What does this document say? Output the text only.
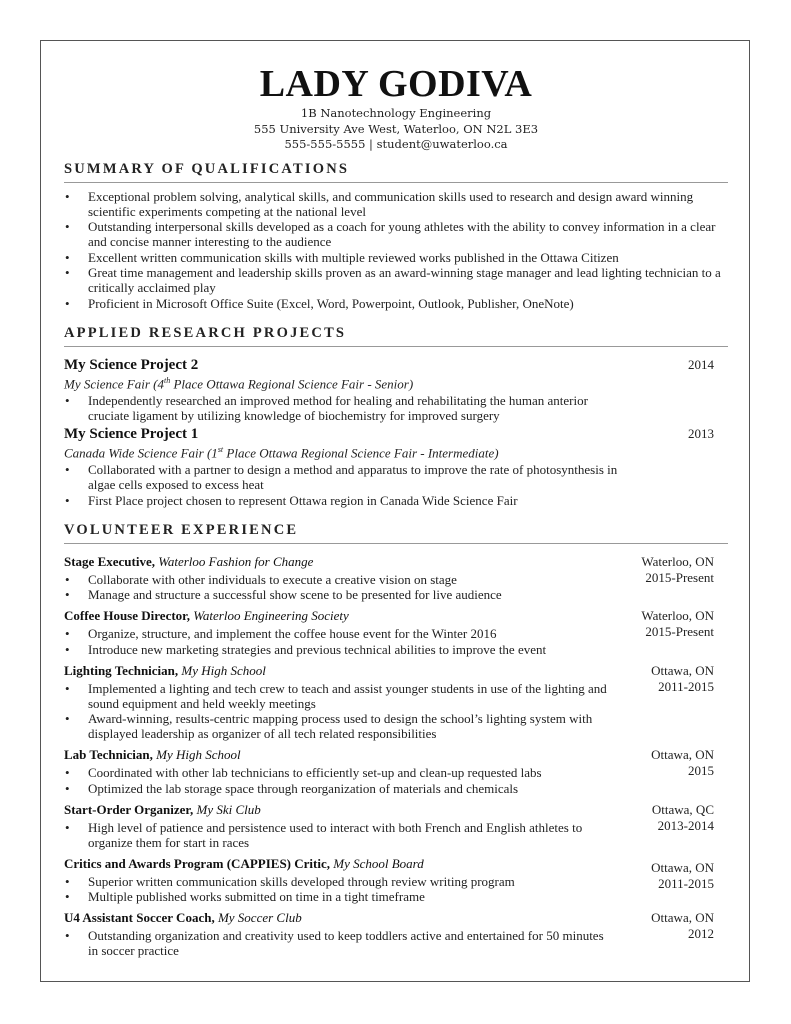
LADY GODIVA
1B Nanotechnology Engineering
555 University Ave West, Waterloo, ON N2L 3E3
555-555-5555 | student@uwaterloo.ca
SUMMARY OF QUALIFICATIONS
• Exceptional problem solving, analytical skills, and communication skills used to research and design award winning scientific experiments competing at the national level
• Outstanding interpersonal skills developed as a coach for young athletes with the ability to convey information in a clear and concise manner interesting to the audience
• Excellent written communication skills with multiple reviewed works published in the Ottawa Citizen
• Great time management and leadership skills proven as an award-winning stage manager and lead lighting technician to a critically acclaimed play
• Proficient in Microsoft Office Suite (Excel, Word, Powerpoint, Outlook, Publisher, OneNote)
APPLIED RESEARCH PROJECTS
My Science Project 2	2014
My Science Fair (4th Place Ottawa Regional Science Fair - Senior)
• Independently researched an improved method for healing and rehabilitating the human anterior cruciate ligament by utilizing knowledge of biochemistry for improved surgery
My Science Project 1	2013
Canada Wide Science Fair (1st Place Ottawa Regional Science Fair - Intermediate)
• Collaborated with a partner to design a method and apparatus to improve the rate of photosynthesis in algae cells exposed to excess heat
• First Place project chosen to represent Ottawa region in Canada Wide Science Fair
VOLUNTEER EXPERIENCE
Stage Executive, Waterloo Fashion for Change	Waterloo, ON
2015-Present
• Collaborate with other individuals to execute a creative vision on stage
• Manage and structure a successful show scene to be presented for live audience
Coffee House Director, Waterloo Engineering Society	Waterloo, ON
2015-Present
• Organize, structure, and implement the coffee house event for the Winter 2016
• Introduce new marketing strategies and previous technical abilities to improve the event
Lighting Technician, My High School	Ottawa, ON
2011-2015
• Implemented a lighting and tech crew to teach and assist younger students in use of the lighting and sound equipment and held weekly meetings
• Award-winning, results-centric mapping process used to design the school’s lighting system with displayed leadership as organizer of all tech related responsibilities
Lab Technician, My High School	Ottawa, ON
2015
• Coordinated with other lab technicians to efficiently set-up and clean-up requested labs
• Optimized the lab storage space through reorganization of materials and chemicals
Start-Order Organizer, My Ski Club	Ottawa, QC
2013-2014
• High level of patience and persistence used to interact with both French and English athletes to organize them for start in races
Critics and Awards Program (CAPPIES) Critic, My School Board	Ottawa, ON
2011-2015
• Superior written communication skills developed through review writing program
• Multiple published works submitted on time in a tight timeframe
U4 Assistant Soccer Coach, My Soccer Club	Ottawa, ON
2012
• Outstanding organization and creativity used to keep toddlers active and entertained for 50 minutes in soccer practice
